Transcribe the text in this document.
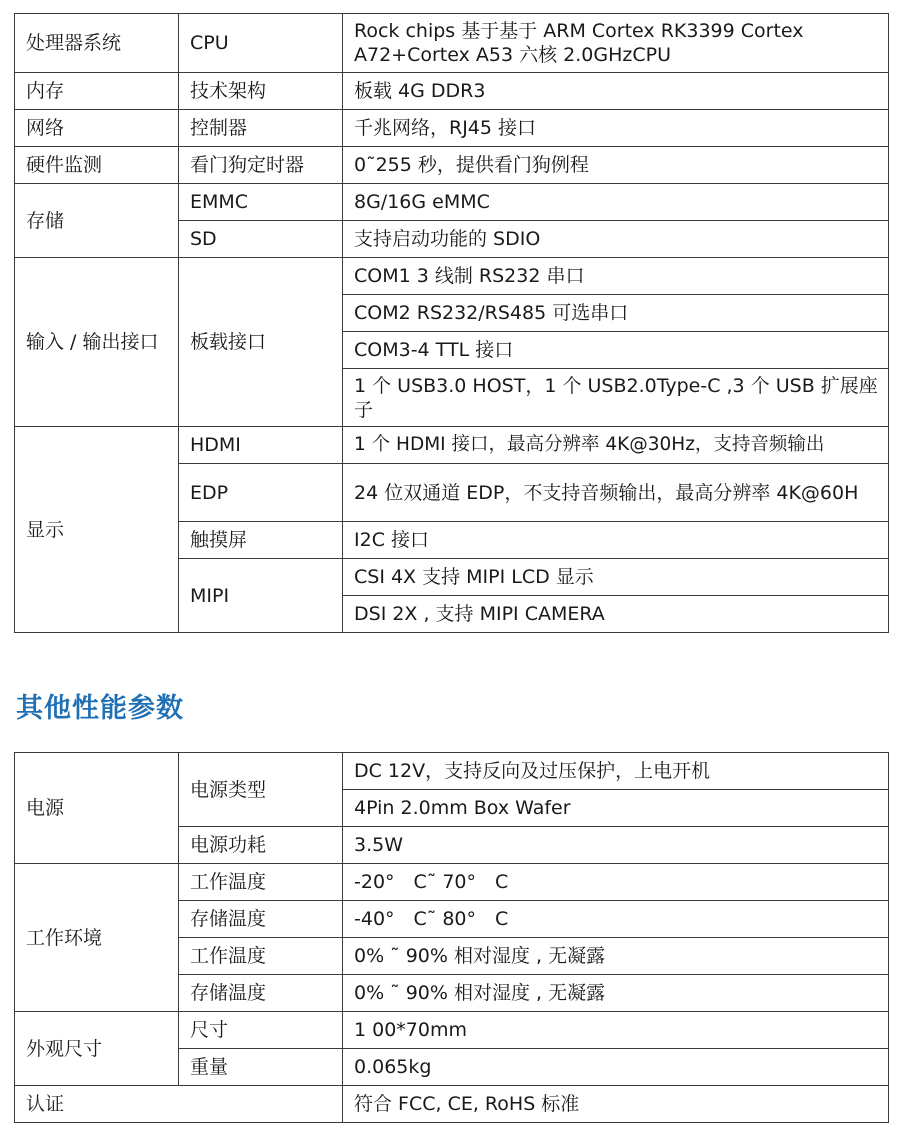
处理器系统	CPU	Rock chips 基于基于 ARM Cortex RK3399 Cortex A72+Cortex A53 六核 2.0GHzCPU
内存	技术架构	板载 4G DDR3
网络	控制器	千兆网络，RJ45 接口
硬件监测	看门狗定时器	0˜255 秒，提供看门狗例程
存储	EMMC	8G/16G eMMC
	SD	支持启动功能的 SDIO
输入 / 输出接口	板载接口	COM1 3 线制 RS232 串口
		COM2 RS232/RS485 可选串口
		COM3-4 TTL 接口
		1 个 USB3.0 HOST，1 个 USB2.0Type-C ,3 个 USB 扩展座子
显示	HDMI	1 个 HDMI 接口，最高分辨率 4K@30Hz，支持音频输出
	EDP	24 位双通道 EDP，不支持音频输出，最高分辨率 4K@60H
	触摸屏	I2C 接口
	MIPI	CSI 4X 支持 MIPI LCD 显示
		DSI 2X , 支持 MIPI CAMERA
其他性能参数
电源	电源类型	DC 12V，支持反向及过压保护，上电开机
		4Pin 2.0mm Box Wafer
	电源功耗	3.5W
工作环境	工作温度	-20°　C˜ 70°　C
	存储温度	-40°　C˜ 80°　C
	工作温度	0% ˜ 90% 相对湿度 , 无凝露
	存储温度	0% ˜ 90% 相对湿度 , 无凝露
外观尺寸	尺寸	1 00*70mm
	重量	0.065kg
认证		符合 FCC, CE, RoHS 标准
